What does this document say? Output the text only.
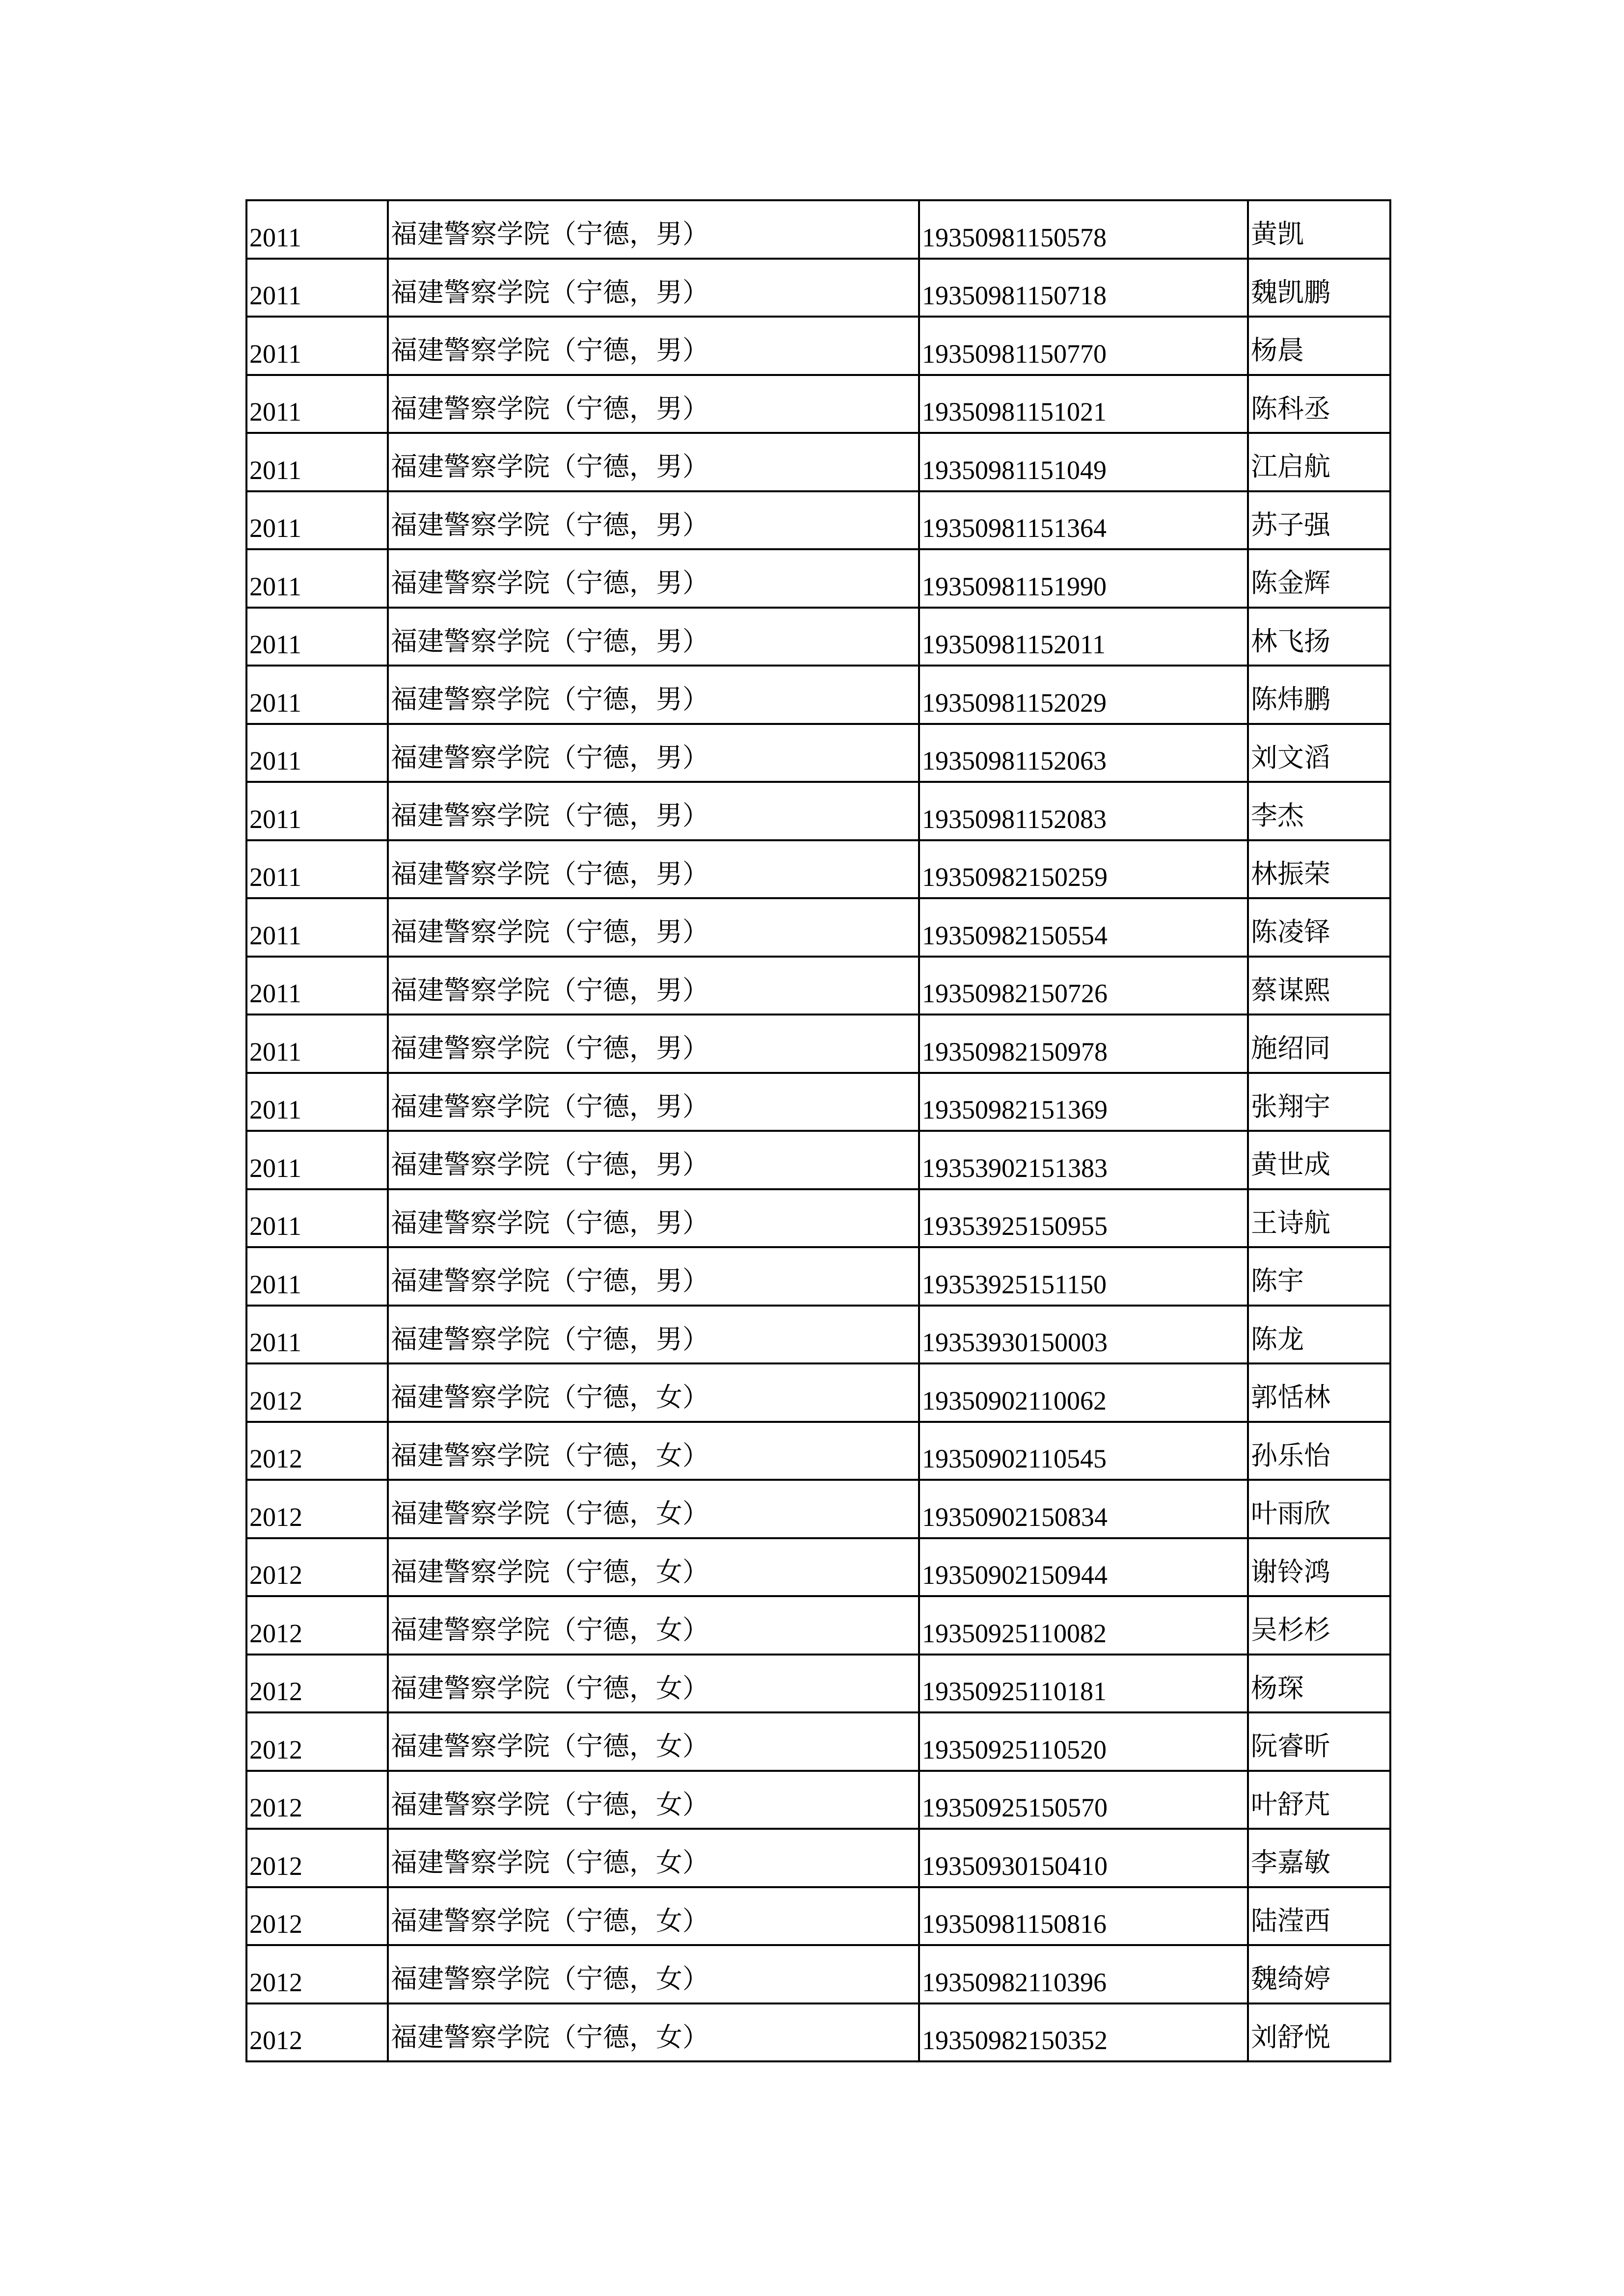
2011	福建警察学院（宁德，男）	19350981150578	黄凯
2011	福建警察学院（宁德，男）	19350981150718	魏凯鹏
2011	福建警察学院（宁德，男）	19350981150770	杨晨
2011	福建警察学院（宁德，男）	19350981151021	陈科丞
2011	福建警察学院（宁德，男）	19350981151049	江启航
2011	福建警察学院（宁德，男）	19350981151364	苏子强
2011	福建警察学院（宁德，男）	19350981151990	陈金辉
2011	福建警察学院（宁德，男）	19350981152011	林飞扬
2011	福建警察学院（宁德，男）	19350981152029	陈炜鹏
2011	福建警察学院（宁德，男）	19350981152063	刘文滔
2011	福建警察学院（宁德，男）	19350981152083	李杰
2011	福建警察学院（宁德，男）	19350982150259	林振荣
2011	福建警察学院（宁德，男）	19350982150554	陈凌铎
2011	福建警察学院（宁德，男）	19350982150726	蔡谋熙
2011	福建警察学院（宁德，男）	19350982150978	施绍同
2011	福建警察学院（宁德，男）	19350982151369	张翔宇
2011	福建警察学院（宁德，男）	19353902151383	黄世成
2011	福建警察学院（宁德，男）	19353925150955	王诗航
2011	福建警察学院（宁德，男）	19353925151150	陈宇
2011	福建警察学院（宁德，男）	19353930150003	陈龙
2012	福建警察学院（宁德，女）	19350902110062	郭恬林
2012	福建警察学院（宁德，女）	19350902110545	孙乐怡
2012	福建警察学院（宁德，女）	19350902150834	叶雨欣
2012	福建警察学院（宁德，女）	19350902150944	谢铃鸿
2012	福建警察学院（宁德，女）	19350925110082	吴杉杉
2012	福建警察学院（宁德，女）	19350925110181	杨琛
2012	福建警察学院（宁德，女）	19350925110520	阮睿昕
2012	福建警察学院（宁德，女）	19350925150570	叶舒芃
2012	福建警察学院（宁德，女）	19350930150410	李嘉敏
2012	福建警察学院（宁德，女）	19350981150816	陆滢西
2012	福建警察学院（宁德，女）	19350982110396	魏绮婷
2012	福建警察学院（宁德，女）	19350982150352	刘舒悦
